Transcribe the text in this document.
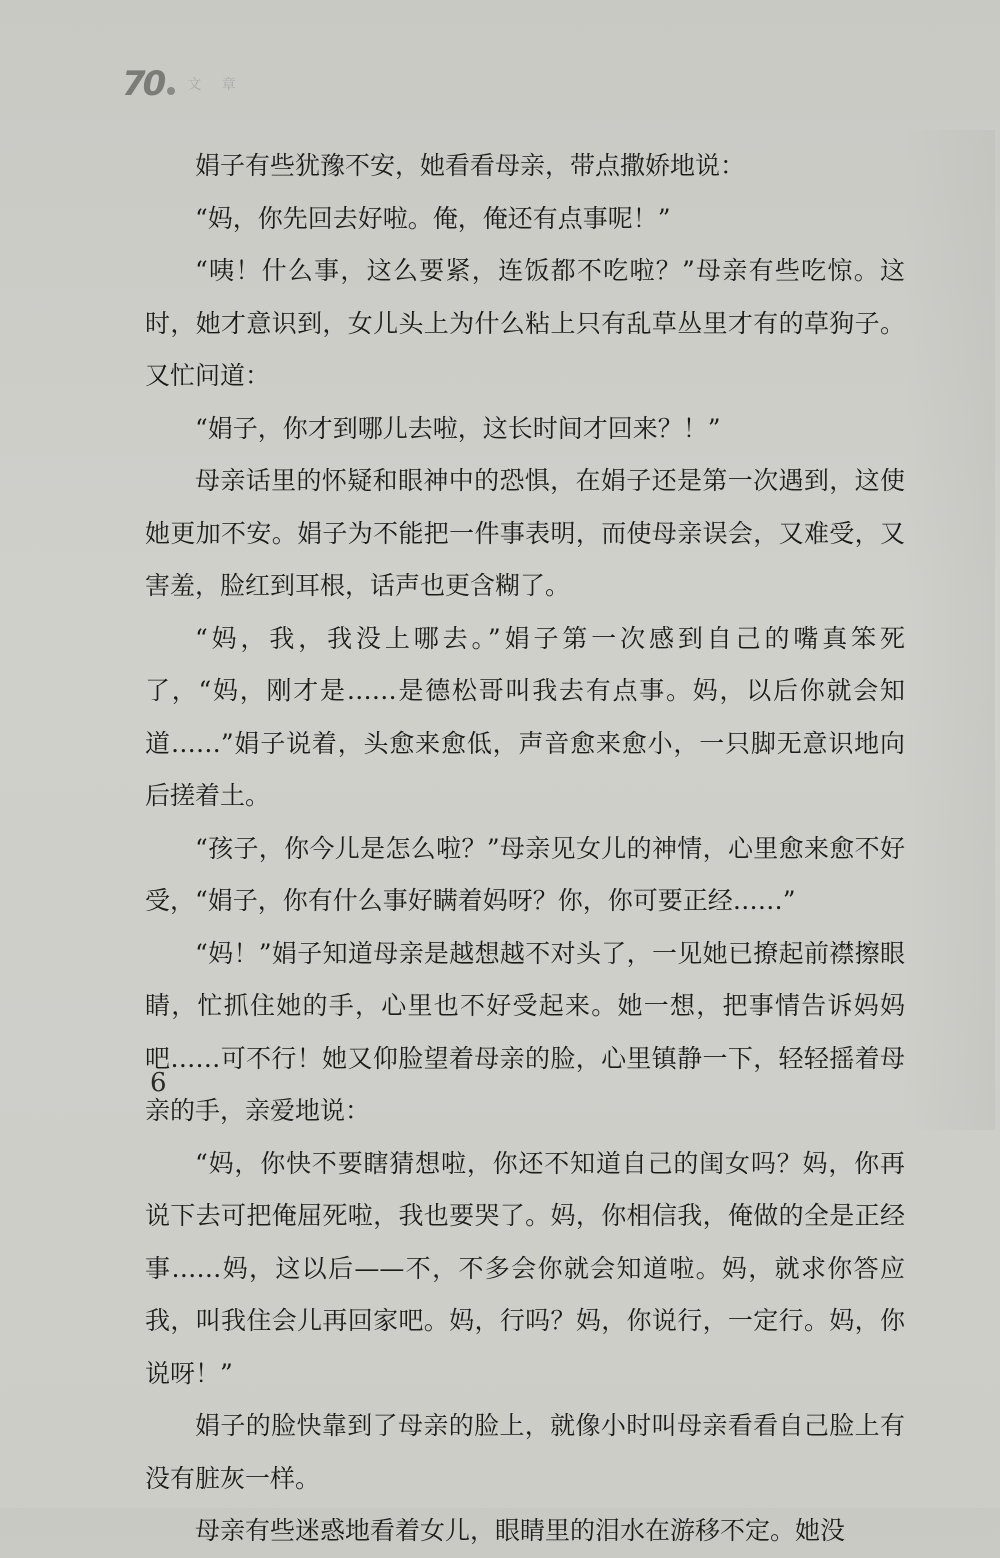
70 文 章

娟子有些犹豫不安，她看看母亲，带点撒娇地说：

“妈，你先回去好啦。俺，俺还有点事呢！”

“咦！什么事，这么要紧，连饭都不吃啦？”母亲有些吃惊。这时，她才意识到，女儿头上为什么粘上只有乱草丛里才有的草狗子。又忙问道：

“娟子，你才到哪儿去啦，这长时间才回来？！”

母亲话里的怀疑和眼神中的恐惧，在娟子还是第一次遇到，这使她更加不安。娟子为不能把一件事表明，而使母亲误会，又难受，又害羞，脸红到耳根，话声也更含糊了。

“妈，我，我没上哪去。”娟子第一次感到自己的嘴真笨死了，“妈，刚才是……是德松哥叫我去有点事。妈，以后你就会知道……”娟子说着，头愈来愈低，声音愈来愈小，一只脚无意识地向后搓着土。

“孩子，你今儿是怎么啦？”母亲见女儿的神情，心里愈来愈不好受，“娟子，你有什么事好瞒着妈呀？你，你可要正经……”

“妈！”娟子知道母亲是越想越不对头了，一见她已撩起前襟擦眼睛，忙抓住她的手，心里也不好受起来。她一想，把事情告诉妈妈吧……可不行！她又仰脸望着母亲的脸，心里镇静一下，轻轻摇着母亲的手，亲爱地说：

“妈，你快不要瞎猜想啦，你还不知道自己的闺女吗？妈，你再说下去可把俺屈死啦，我也要哭了。妈，你相信我，俺做的全是正经事……妈，这以后——不，不多会你就会知道啦。妈，就求你答应我，叫我住会儿再回家吧。妈，行吗？妈，你说行，一定行。妈，你说呀！”

娟子的脸快靠到了母亲的脸上，就像小时叫母亲看看自己脸上有没有脏灰一样。

母亲有些迷惑地看着女儿，眼睛里的泪水在游移不定。她没

6
